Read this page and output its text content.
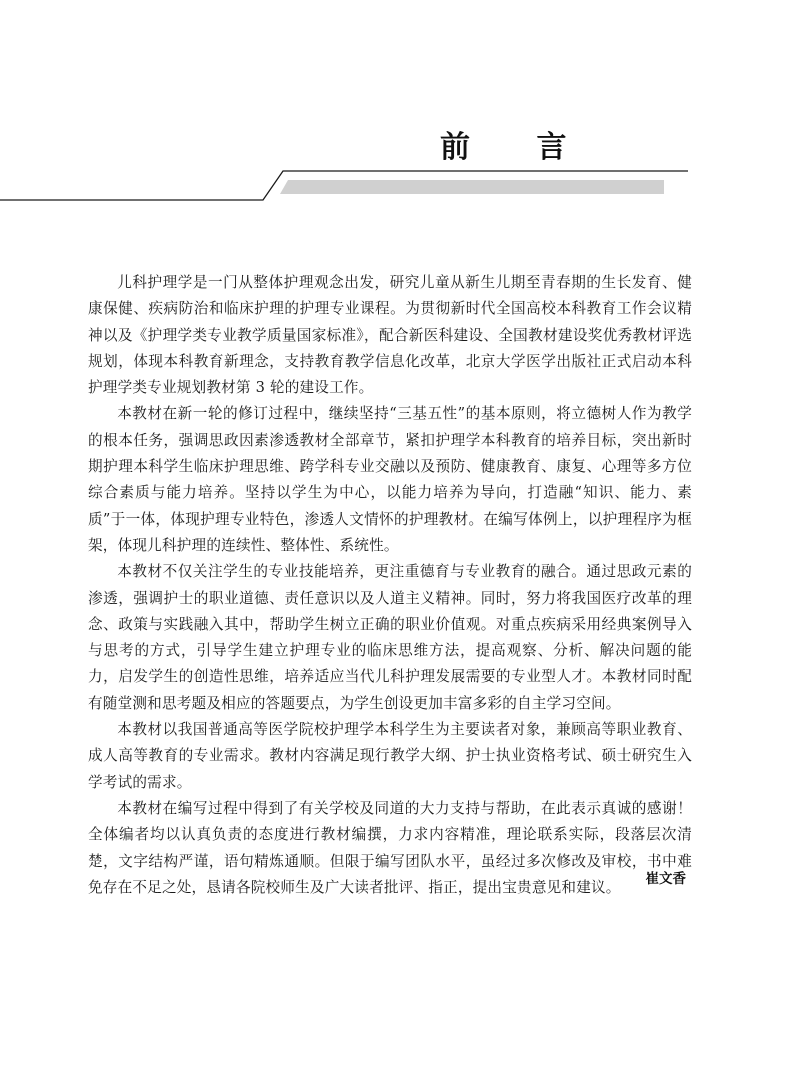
前 言

儿科护理学是一门从整体护理观念出发，研究儿童从新生儿期至青春期的生长发育、健康保健、疾病防治和临床护理的护理专业课程。为贯彻新时代全国高校本科教育工作会议精神以及《护理学类专业教学质量国家标准》，配合新医科建设、全国教材建设奖优秀教材评选规划，体现本科教育新理念，支持教育教学信息化改革，北京大学医学出版社正式启动本科护理学类专业规划教材第 3 轮的建设工作。

本教材在新一轮的修订过程中，继续坚持“三基五性”的基本原则，将立德树人作为教学的根本任务，强调思政因素渗透教材全部章节，紧扣护理学本科教育的培养目标，突出新时期护理本科学生临床护理思维、跨学科专业交融以及预防、健康教育、康复、心理等多方位综合素质与能力培养。坚持以学生为中心，以能力培养为导向，打造融“知识、能力、素质”于一体，体现护理专业特色，渗透人文情怀的护理教材。在编写体例上，以护理程序为框架，体现儿科护理的连续性、整体性、系统性。

本教材不仅关注学生的专业技能培养，更注重德育与专业教育的融合。通过思政元素的渗透，强调护士的职业道德、责任意识以及人道主义精神。同时，努力将我国医疗改革的理念、政策与实践融入其中，帮助学生树立正确的职业价值观。对重点疾病采用经典案例导入与思考的方式，引导学生建立护理专业的临床思维方法，提高观察、分析、解决问题的能力，启发学生的创造性思维，培养适应当代儿科护理发展需要的专业型人才。本教材同时配有随堂测和思考题及相应的答题要点，为学生创设更加丰富多彩的自主学习空间。

本教材以我国普通高等医学院校护理学本科学生为主要读者对象，兼顾高等职业教育、成人高等教育的专业需求。教材内容满足现行教学大纲、护士执业资格考试、硕士研究生入学考试的需求。

本教材在编写过程中得到了有关学校及同道的大力支持与帮助，在此表示真诚的感谢！全体编者均以认真负责的态度进行教材编撰，力求内容精准，理论联系实际，段落层次清楚，文字结构严谨，语句精炼通顺。但限于编写团队水平，虽经过多次修改及审校，书中难免存在不足之处，恳请各院校师生及广大读者批评、指正，提出宝贵意见和建议。	崔文香
